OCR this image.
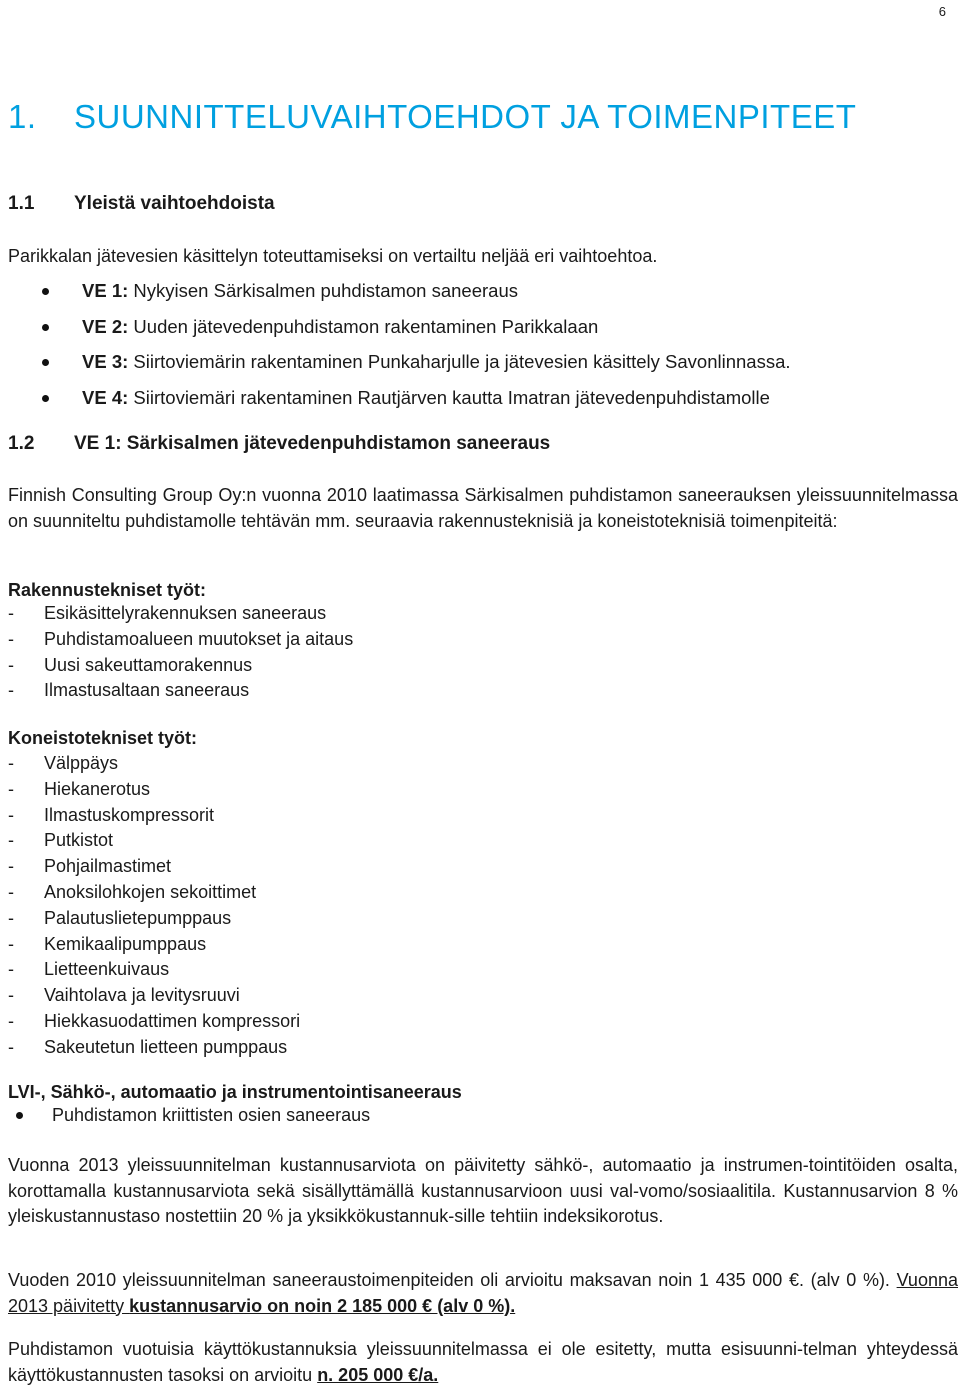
6
1. SUUNNITTELUVAIHTOEHDOT JA TOIMENPITEET
1.1 Yleistä vaihtoehdoista

Parikkalan jätevesien käsittelyn toteuttamiseksi on vertailtu neljää eri vaihtoehtoa.

VE 1: Nykyisen Särkisalmen puhdistamon saneeraus
VE 2: Uuden jätevedenpuhdistamon rakentaminen Parikkalaan
VE 3: Siirtoviemärin rakentaminen Punkaharjulle ja jätevesien käsittely Savonlinnassa.
VE 4: Siirtoviemäri rakentaminen Rautjärven kautta Imatran jätevedenpuhdistamolle
1.2 VE 1: Särkisalmen jätevedenpuhdistamon saneeraus

Finnish Consulting Group Oy:n vuonna 2010 laatimassa Särkisalmen puhdistamon saneerauksen yleissuunnitelmassa on suunniteltu puhdistamolle tehtävän mm. seuraavia rakennusteknisiä ja koneistoteknisiä toimenpiteitä:

Rakennustekniset työt:

- Esikäsittelyrakennuksen saneeraus
- Puhdistamoalueen muutokset ja aitaus
- Uusi sakeuttamorakennus
- Ilmastusaltaan saneeraus

Koneistotekniset työt:

- Välppäys
- Hiekanerotus
- Ilmastuskompressorit
- Putkistot
- Pohjailmastimet
- Anoksilohkojen sekoittimet
- Palautuslietepumppaus
- Kemikaalipumppaus
- Lietteenkuivaus
- Vaihtolava ja levitysruuvi
- Hiekkasuodattimen kompressori
- Sakeutetun lietteen pumppaus

LVI-, Sähkö-, automaatio ja instrumentointisaneeraus

Puhdistamon kriittisten osien saneeraus

Vuonna 2013 yleissuunnitelman kustannusarviota on päivitetty sähkö-, automaatio ja instrumen-tointitöiden osalta, korottamalla kustannusarviota sekä sisällyttämällä kustannusarvioon uusi val-vomo/sosiaalitila. Kustannusarvion 8 % yleiskustannustaso nostettiin 20 % ja yksikkökustannuk-sille tehtiin indeksikorotus.

Vuoden 2010 yleissuunnitelman saneeraustoimenpiteiden oli arvioitu maksavan noin 1 435 000 €. (alv 0 %). Vuonna 2013 päivitetty kustannusarvio on noin 2 185 000 € (alv 0 %).

Puhdistamon vuotuisia käyttökustannuksia yleissuunnitelmassa ei ole esitetty, mutta esisuunni-telman yhteydessä käyttökustannusten tasoksi on arvioitu n. 205 000 €/a.
